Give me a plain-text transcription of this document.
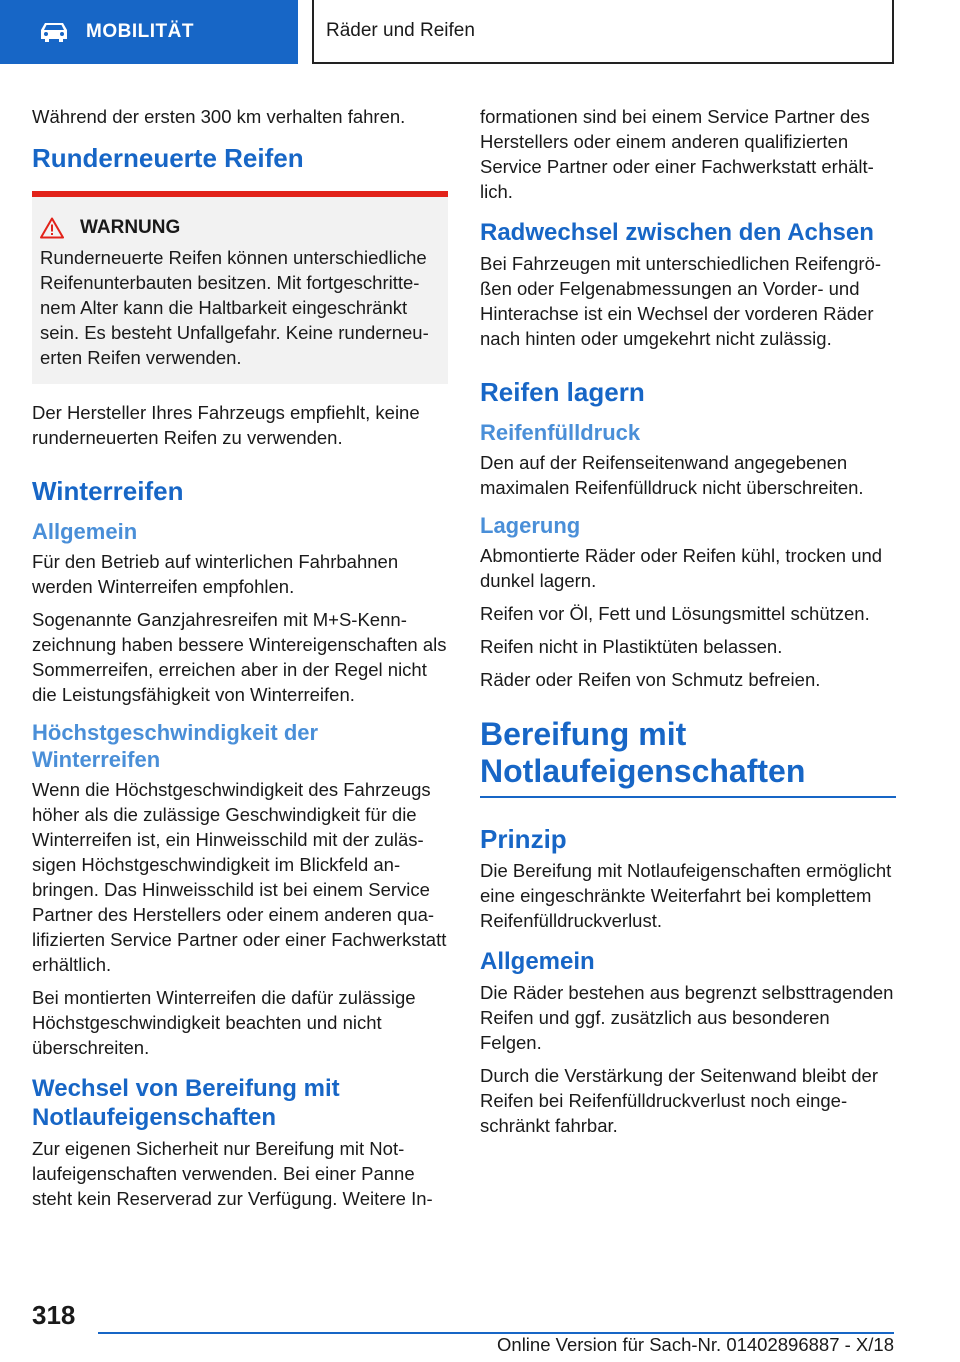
MOBILITÄT	Räder und Reifen

Während der ersten 300 km verhalten fahren.

Runderneuerte Reifen
WARNUNG

Runderneuerte Reifen können unterschiedliche Reifenunterbauten besitzen. Mit fortgeschrittenem Alter kann die Haltbarkeit eingeschränkt sein. Es besteht Unfallgefahr. Keine runderneuerten Reifen verwenden.

Der Hersteller Ihres Fahrzeugs empfiehlt, keine runderneuerten Reifen zu verwenden.

Winterreifen
Allgemein

Für den Betrieb auf winterlichen Fahrbahnen werden Winterreifen empfohlen.

Sogenannte Ganzjahresreifen mit M+S-Kennzeichnung haben bessere Wintereigenschaften als Sommerreifen, erreichen aber in der Regel nicht die Leistungsfähigkeit von Winterreifen.

Höchstgeschwindigkeit der Winterreifen

Wenn die Höchstgeschwindigkeit des Fahrzeugs höher als die zulässige Geschwindigkeit für die Winterreifen ist, ein Hinweisschild mit der zulässigen Höchstgeschwindigkeit im Blickfeld anbringen. Das Hinweisschild ist bei einem Service Partner des Herstellers oder einem anderen qualifizierten Service Partner oder einer Fachwerkstatt erhältlich.

Bei montierten Winterreifen die dafür zulässige Höchstgeschwindigkeit beachten und nicht überschreiten.

Wechsel von Bereifung mit Notlaufeigenschaften

Zur eigenen Sicherheit nur Bereifung mit Notlaufeigenschaften verwenden. Bei einer Panne steht kein Reserverad zur Verfügung. Weitere In-

formationen sind bei einem Service Partner des Herstellers oder einem anderen qualifizierten Service Partner oder einer Fachwerkstatt erhältlich.

Radwechsel zwischen den Achsen

Bei Fahrzeugen mit unterschiedlichen Reifengrößen oder Felgenabmessungen an Vorder- und Hinterachse ist ein Wechsel der vorderen Räder nach hinten oder umgekehrt nicht zulässig.

Reifen lagern
Reifenfülldruck

Den auf der Reifenseitenwand angegebenen maximalen Reifenfülldruck nicht überschreiten.

Lagerung

Abmontierte Räder oder Reifen kühl, trocken und dunkel lagern.

Reifen vor Öl, Fett und Lösungsmittel schützen.

Reifen nicht in Plastiktüten belassen.

Räder oder Reifen von Schmutz befreien.

Bereifung mit Notlaufeigenschaften
Prinzip

Die Bereifung mit Notlaufeigenschaften ermöglicht eine eingeschränkte Weiterfahrt bei komplettem Reifenfülldruckverlust.

Allgemein

Die Räder bestehen aus begrenzt selbsttragenden Reifen und ggf. zusätzlich aus besonderen Felgen.

Durch die Verstärkung der Seitenwand bleibt der Reifen bei Reifenfülldruckverlust noch eingeschränkt fahrbar.

318
Online Version für Sach-Nr. 01402896887 - X/18
